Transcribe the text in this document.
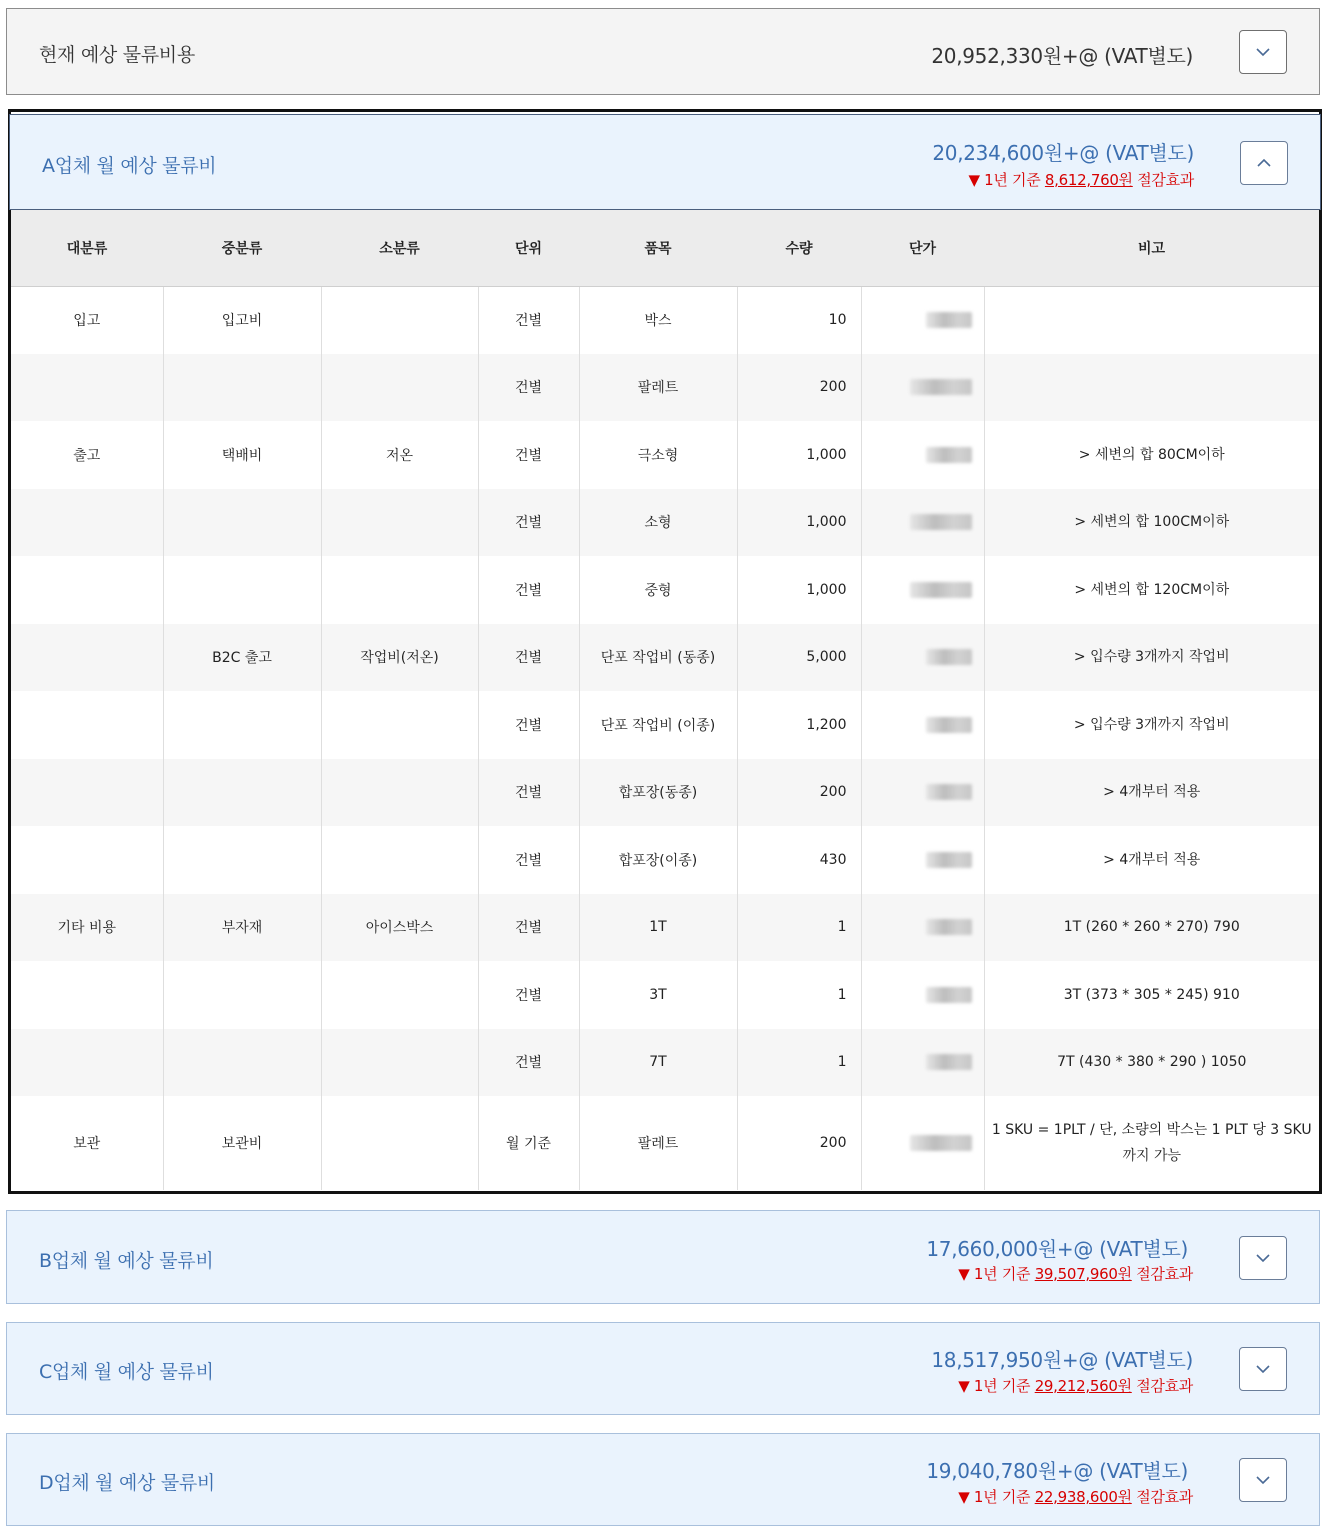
현재 예상 물류비용	20,952,330원+@ (VAT별도)
A업체 월 예상 물류비
20,234,600원+@ (VAT별도)
▼ 1년 기준 8,612,760원 절감효과
대분류	중분류	소분류	단위	품목	수량	단가	비고
입고	입고비		건별	박스	10		
			건별	팔레트	200		
출고	택배비	저온	건별	극소형	1,000		> 세변의 합 80CM이하
			건별	소형	1,000		> 세변의 합 100CM이하
			건별	중형	1,000		> 세변의 합 120CM이하
	B2C 출고	작업비(저온)	건별	단포 작업비 (동종)	5,000		> 입수량 3개까지 작업비
			건별	단포 작업비 (이종)	1,200		> 입수량 3개까지 작업비
			건별	합포장(동종)	200		> 4개부터 적용
			건별	합포장(이종)	430		> 4개부터 적용
기타 비용	부자재	아이스박스	건별	1T	1		1T (260 * 260 * 270) 790
			건별	3T	1		3T (373 * 305 * 245) 910
			건별	7T	1		7T (430 * 380 * 290 ) 1050
보관	보관비		월 기준	팔레트	200		1 SKU = 1PLT / 단, 소량의 박스는 1 PLT 당 3 SKU까지 가능
B업체 월 예상 물류비	17,660,000원+@ (VAT별도)
▼ 1년 기준 39,507,960원 절감효과
C업체 월 예상 물류비	18,517,950원+@ (VAT별도)
▼ 1년 기준 29,212,560원 절감효과
D업체 월 예상 물류비	19,040,780원+@ (VAT별도)
▼ 1년 기준 22,938,600원 절감효과
